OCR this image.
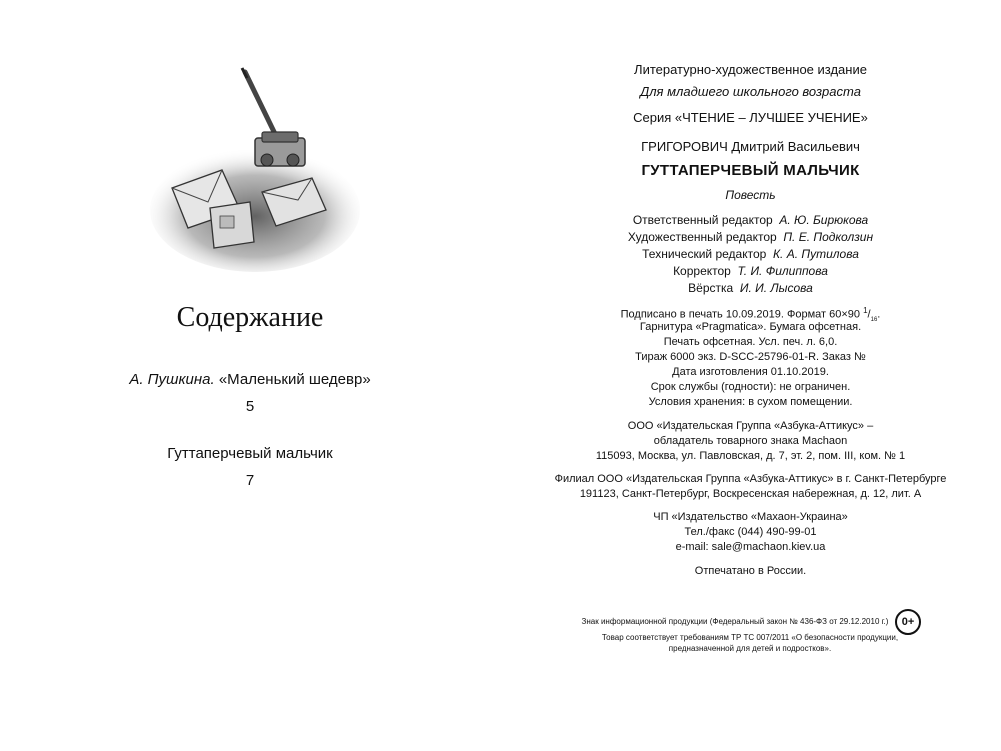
Содержание
А. Пушкина. «Маленький шедевр»
5
Гуттаперчевый мальчик
7
Литературно-художественное издание
Для младшего школьного возраста
Серия «ЧТЕНИЕ – ЛУЧШЕЕ УЧЕНИЕ»
ГРИГОРОВИЧ Дмитрий Васильевич
ГУТТАПЕРЧЕВЫЙ МАЛЬЧИК
Повесть
Ответственный редактор А. Ю. Бирюкова
Художественный редактор П. Е. Подколзин
Технический редактор К. А. Путилова
Корректор Т. И. Филиппова
Вёрстка И. И. Лысова
Подписано в печать 10.09.2019. Формат 60×90 $^1/_{16}$.
Гарнитура «Pragmatica». Бумага офсетная.
Печать офсетная. Усл. печ. л. 6,0.
Тираж 6000 экз. D-SCC-25796-01-R. Заказ №
Дата изготовления 01.10.2019.
Срок службы (годности): не ограничен.
Условия хранения: в сухом помещении.
ООО «Издательская Группа «Азбука-Аттикус» –
обладатель товарного знака Machaon
115093, Москва, ул. Павловская, д. 7, эт. 2, пом. III, ком. № 1
Филиал ООО «Издательская Группа «Азбука-Аттикус» в г. Санкт-Петербурге
191123, Санкт-Петербург, Воскресенская набережная, д. 12, лит. А
ЧП «Издательство «Махаон-Украина»
Тел./факс (044) 490-99-01
e-mail: sale@machaon.kiev.ua
Отпечатано в России.
Знак информационной продукции (Федеральный закон № 436-ФЗ от 29.12.2010 г.)	0+
Товар соответствует требованиям ТР ТС 007/2011 «О безопасности продукции,
предназначенной для детей и подростков».
